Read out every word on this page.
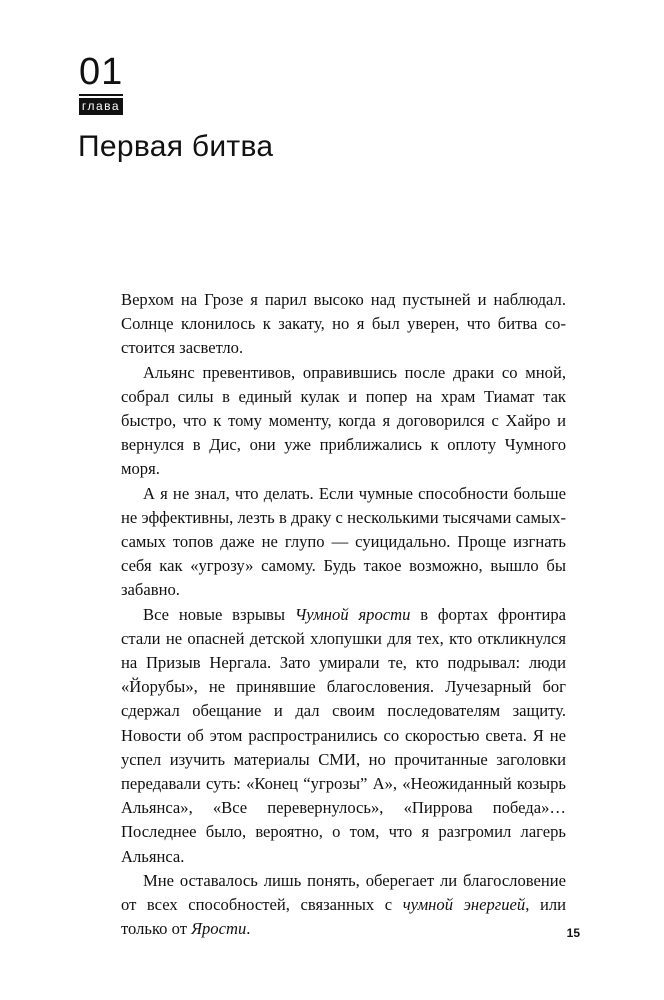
01
глава
Первая битва

Верхом на Грозе я парил высоко над пустыней и наблюдал. Солнце клонилось к закату, но я был уверен, что битва состоится засветло.

Альянс превентивов, оправившись после драки со мной, собрал силы в единый кулак и попер на храм Тиамат так быстро, что к тому моменту, когда я договорился с Хайро и вернулся в Дис, они уже приближались к оплоту Чумного моря.

А я не знал, что делать. Если чумные способности больше не эффективны, лезть в драку с несколькими тысячами самых-самых топов даже не глупо — суицидально. Проще изгнать себя как «угрозу» самому. Будь такое возможно, вышло бы забавно.

Все новые взрывы Чумной ярости в фортах фронтира стали не опасней детской хлопушки для тех, кто откликнулся на Призыв Нергала. Зато умирали те, кто подрывал: люди «Йорубы», не принявшие благословения. Лучезарный бог сдержал обещание и дал своим последователям защиту. Новости об этом распространились со скоростью света. Я не успел изучить материалы СМИ, но прочитанные заголовки передавали суть: «Конец “угрозы” А», «Неожиданный козырь Альянса», «Все перевернулось», «Пиррова победа»… Последнее было, вероятно, о том, что я разгромил лагерь Альянса.

Мне оставалось лишь понять, оберегает ли благословение от всех способностей, связанных с чумной энергией, или только от Ярости.	15
